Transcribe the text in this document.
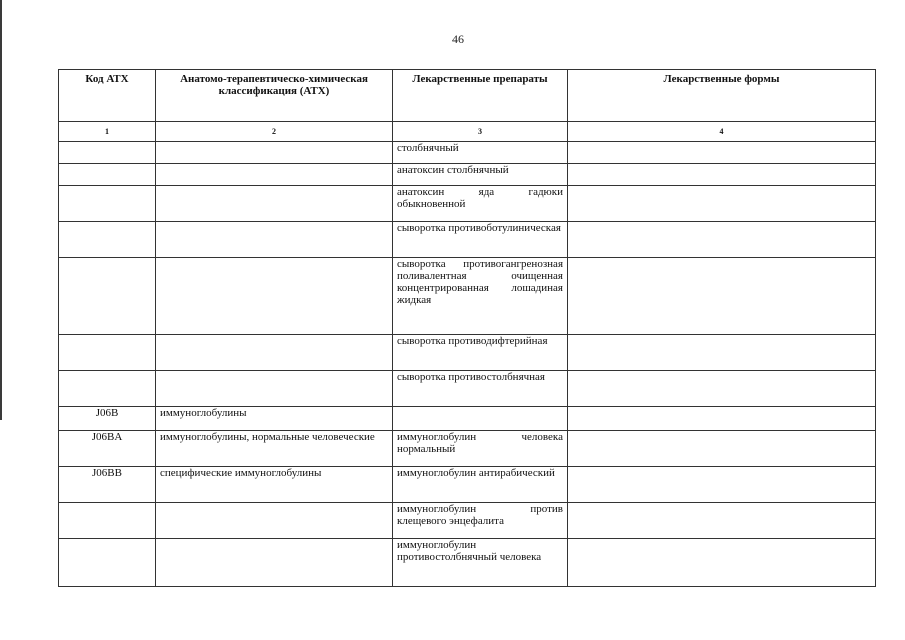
46
Код АТХ	Анатомо-терапевтическо-химическая классификация (АТХ)	Лекарственные препараты	Лекарственные формы
1	2	3	4
		столбнячный	
		анатоксин столбнячный	
		анатоксин яда гадюки обыкновенной	
		сыворотка противоботулиническая	
		сыворотка противогангренозная поливалентная очищенная концентрированная лошадиная жидкая	
		сыворотка противодифтерийная	
		сыворотка противостолбнячная	
J06B	иммуноглобулины		
J06BA	иммуноглобулины, нормальные человеческие	иммуноглобулин человека нормальный	
J06BB	специфические иммуноглобулины	иммуноглобулин антирабический	
		иммуноглобулин против клещевого энцефалита	
		иммуноглобулин противостолбнячный человека	
